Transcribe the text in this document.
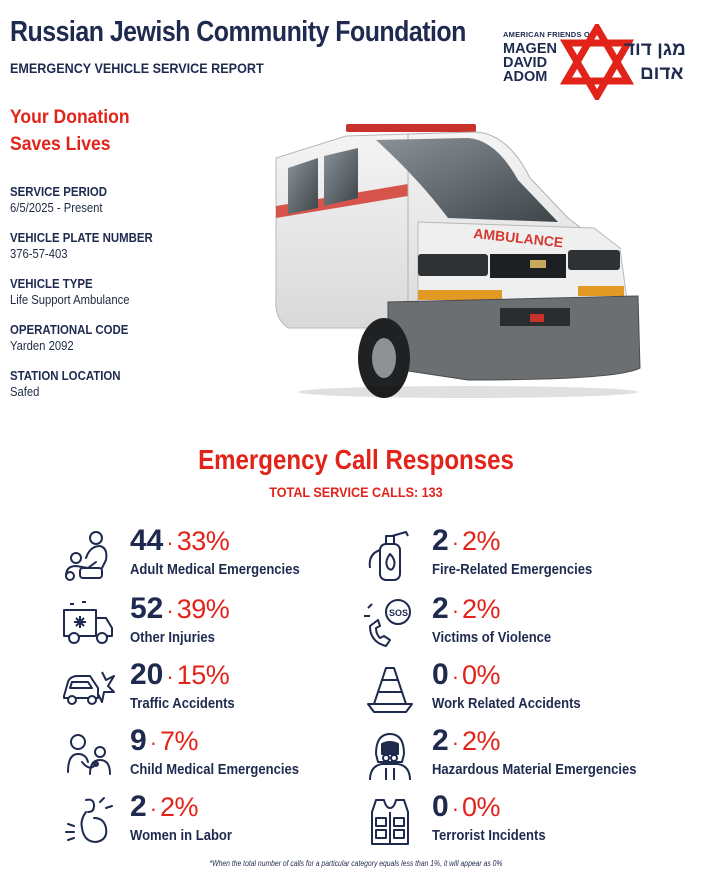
Russian Jewish Community Foundation
EMERGENCY VEHICLE SERVICE REPORT
AMERICAN FRIENDS OF
MAGEN
DAVID
ADOM
מגן דוד
אדום
Your Donation
Saves Lives
SERVICE PERIOD
6/5/2025 - Present
VEHICLE PLATE NUMBER
376-57-403
VEHICLE TYPE
Life Support Ambulance
OPERATIONAL CODE
Yarden 2092
STATION LOCATION
Safed
AMBULANCE
Emergency Call Responses
TOTAL SERVICE CALLS: 133
44 · 33%
Adult Medical Emergencies
52 · 39%
Other Injuries
20 · 15%
Traffic Accidents
9 · 7%
Child Medical Emergencies
2 · 2%
Women in Labor
2 · 2%
Fire-Related Emergencies
SOS 2 · 2%
Victims of Violence
0 · 0%
Work Related Accidents
2 · 2%
Hazardous Material Emergencies
0 · 0%
Terrorist Incidents
*When the total number of calls for a particular category equals less than 1%, it will appear as 0%
